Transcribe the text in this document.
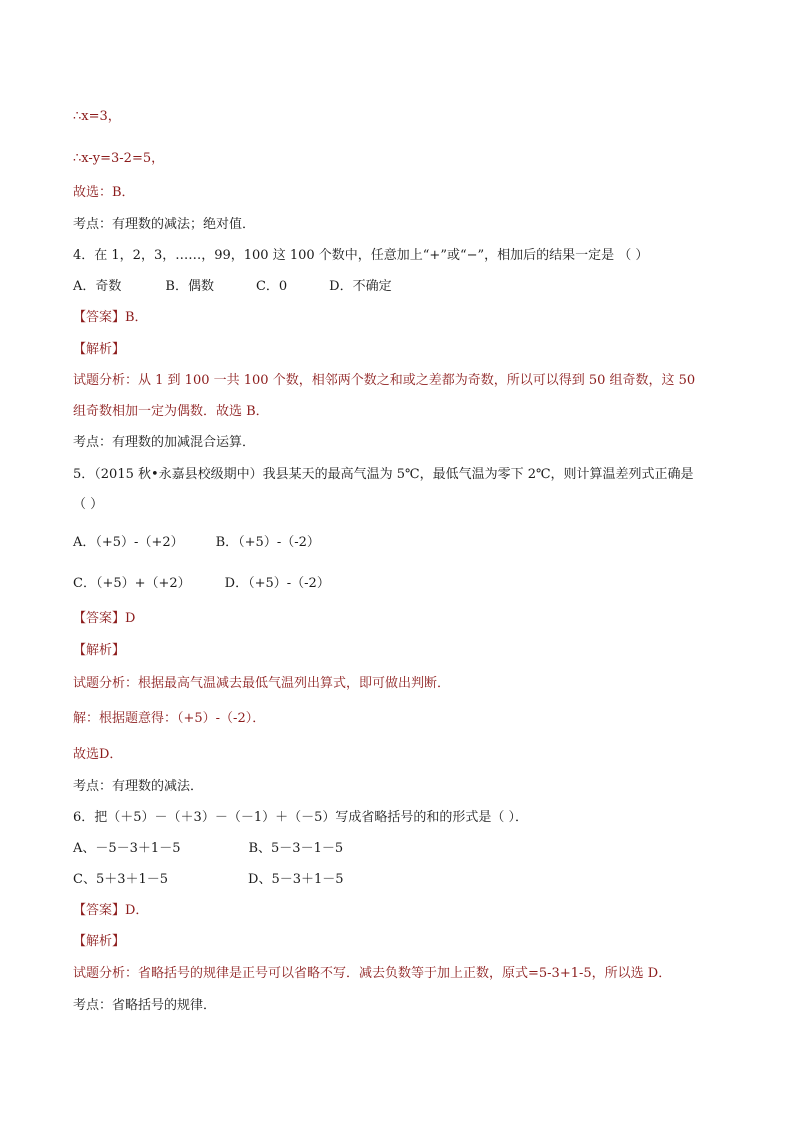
∴x=3，
∴x-y=3-2=5，
故选：B．
考点：有理数的减法；绝对值．
4．在 1，2，3，……，99，100 这 100 个数中，任意加上“+”或“−”，相加后的结果一定是 （ ）
A．奇数	B．偶数	C．0	D．不确定
【答案】B．
【解析】
试题分析：从 1 到 100 一共 100 个数，相邻两个数之和或之差都为奇数，所以可以得到 50 组奇数，这 50
组奇数相加一定为偶数．故选 B．
考点：有理数的加减混合运算．
5．（2015 秋•永嘉县校级期中）我县某天的最高气温为 5℃，最低气温为零下 2℃，则计算温差列式正确是
（ ）
A．（+5）-（+2） B．（+5）-（-2）
C．（+5）+（+2）	D．（+5）-（-2）
【答案】D
【解析】
试题分析：根据最高气温减去最低气温列出算式，即可做出判断．
解：根据题意得：（+5）-（-2）．
故选D．
考点：有理数的减法．
6．把（＋5）－（＋3）－（－1）＋（－5）写成省略括号的和的形式是（ ）．
A、－5－3＋1－5	B、5－3－1－5
C、5＋3＋1－5	D、5－3＋1－5
【答案】D．
【解析】
试题分析：省略括号的规律是正号可以省略不写．减去负数等于加上正数，原式=5-3+1-5，所以选 D．
考点：省略括号的规律．
